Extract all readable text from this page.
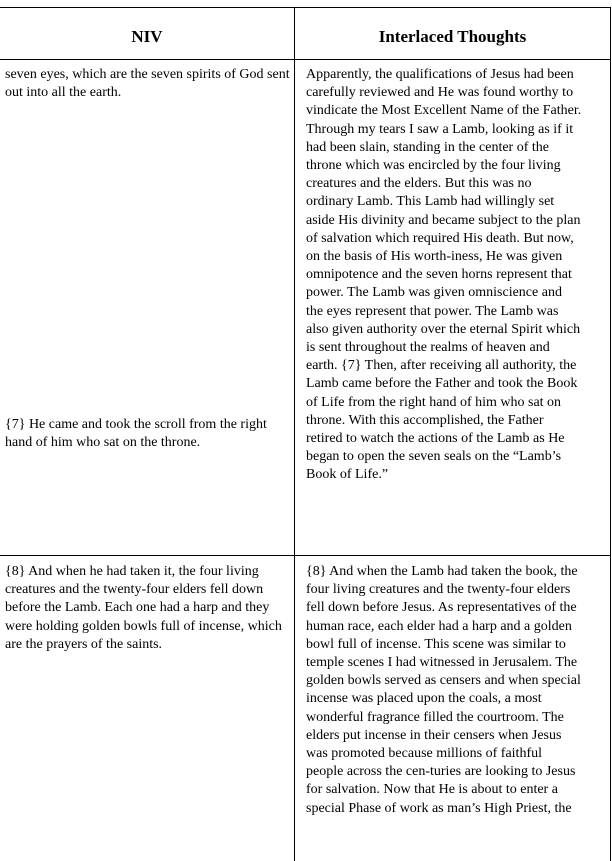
NIV	Interlaced Thoughts

seven eyes, which are the seven spirits of God sent out into all the earth.

Apparently, the qualifications of Jesus had been carefully reviewed and He was found worthy to vindicate the Most Excellent Name of the Father. Through my tears I saw a Lamb, looking as if it had been slain, standing in the center of the throne which was encircled by the four living creatures and the elders. But this was no ordinary Lamb. This Lamb had willingly set aside His divinity and became subject to the plan of salvation which required His death. But now, on the basis of His worth-iness, He was given omnipotence and the seven horns represent that power. The Lamb was given omniscience and the eyes represent that power. The Lamb was also given authority over the eternal Spirit which is sent throughout the realms of heaven and earth. {7} Then, after receiving all authority, the Lamb came before the Father and took the Book of Life from the right hand of him who sat on throne. With this accomplished, the Father retired to watch the actions of the Lamb as He began to open the seven seals on the “Lamb’s Book of Life.”

{7} He came and took the scroll from the right hand of him who sat on the throne.

{8} And when he had taken it, the four living creatures and the twenty-four elders fell down before the Lamb. Each one had a harp and they were holding golden bowls full of incense, which are the prayers of the saints.

{8} And when the Lamb had taken the book, the four living creatures and the twenty-four elders fell down before Jesus. As representatives of the human race, each elder had a harp and a golden bowl full of incense. This scene was similar to temple scenes I had witnessed in Jerusalem. The golden bowls served as censers and when special incense was placed upon the coals, a most wonderful fragrance filled the courtroom. The elders put incense in their censers when Jesus was promoted because millions of faithful people across the cen-turies are looking to Jesus for salvation. Now that He is about to enter a special Phase of work as man’s High Priest, the
